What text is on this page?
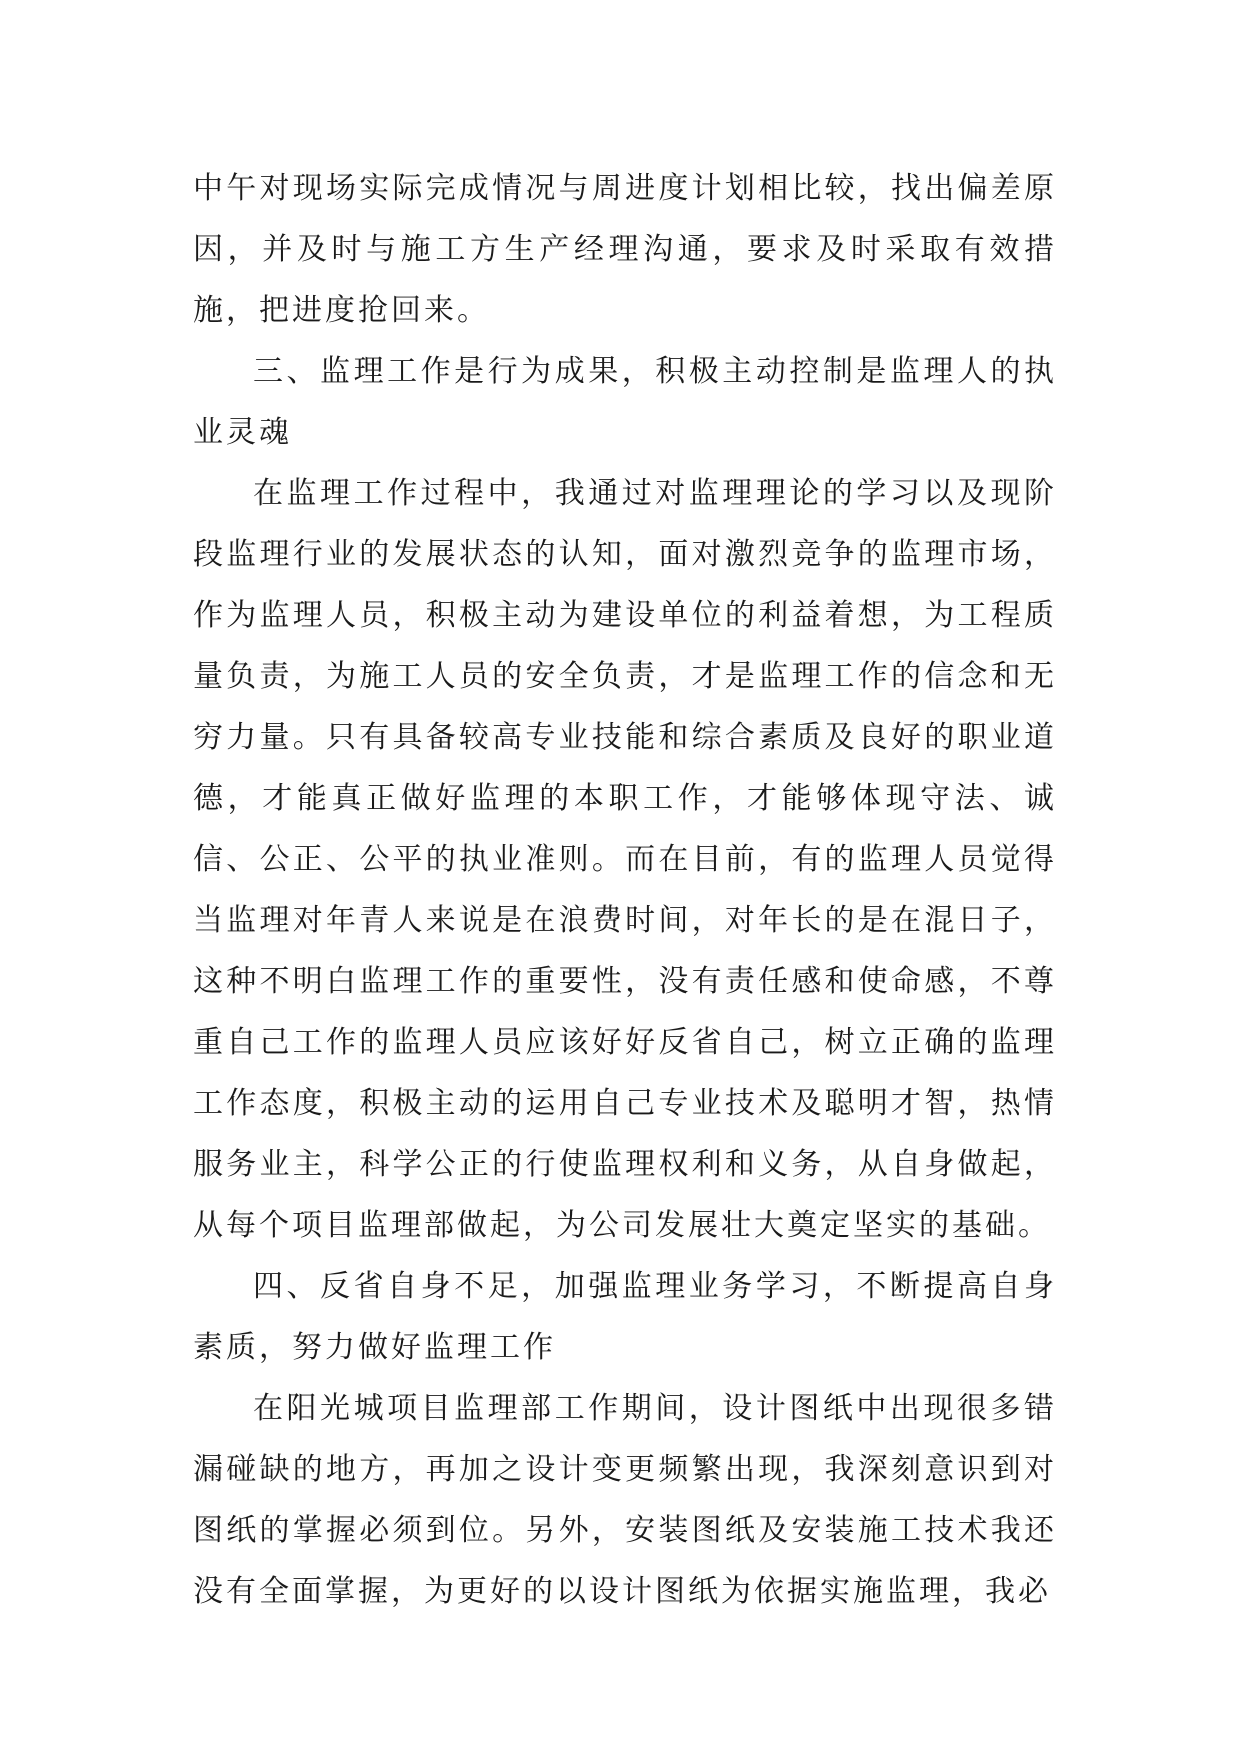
中午对现场实际完成情况与周进度计划相比较，找出偏差原因，并及时与施工方生产经理沟通，要求及时采取有效措施，把进度抢回来。

三、监理工作是行为成果，积极主动控制是监理人的执业灵魂

在监理工作过程中，我通过对监理理论的学习以及现阶段监理行业的发展状态的认知，面对激烈竞争的监理市场，作为监理人员，积极主动为建设单位的利益着想，为工程质量负责，为施工人员的安全负责，才是监理工作的信念和无穷力量。只有具备较高专业技能和综合素质及良好的职业道德，才能真正做好监理的本职工作，才能够体现守法、诚信、公正、公平的执业准则。而在目前，有的监理人员觉得当监理对年青人来说是在浪费时间，对年长的是在混日子，这种不明白监理工作的重要性，没有责任感和使命感，不尊重自己工作的监理人员应该好好反省自己，树立正确的监理工作态度，积极主动的运用自己专业技术及聪明才智，热情服务业主，科学公正的行使监理权利和义务，从自身做起，从每个项目监理部做起，为公司发展壮大奠定坚实的基础。

四、反省自身不足，加强监理业务学习，不断提高自身素质，努力做好监理工作

在阳光城项目监理部工作期间，设计图纸中出现很多错漏碰缺的地方，再加之设计变更频繁出现，我深刻意识到对图纸的掌握必须到位。另外，安装图纸及安装施工技术我还没有全面掌握，为更好的以设计图纸为依据实施监理，我必
